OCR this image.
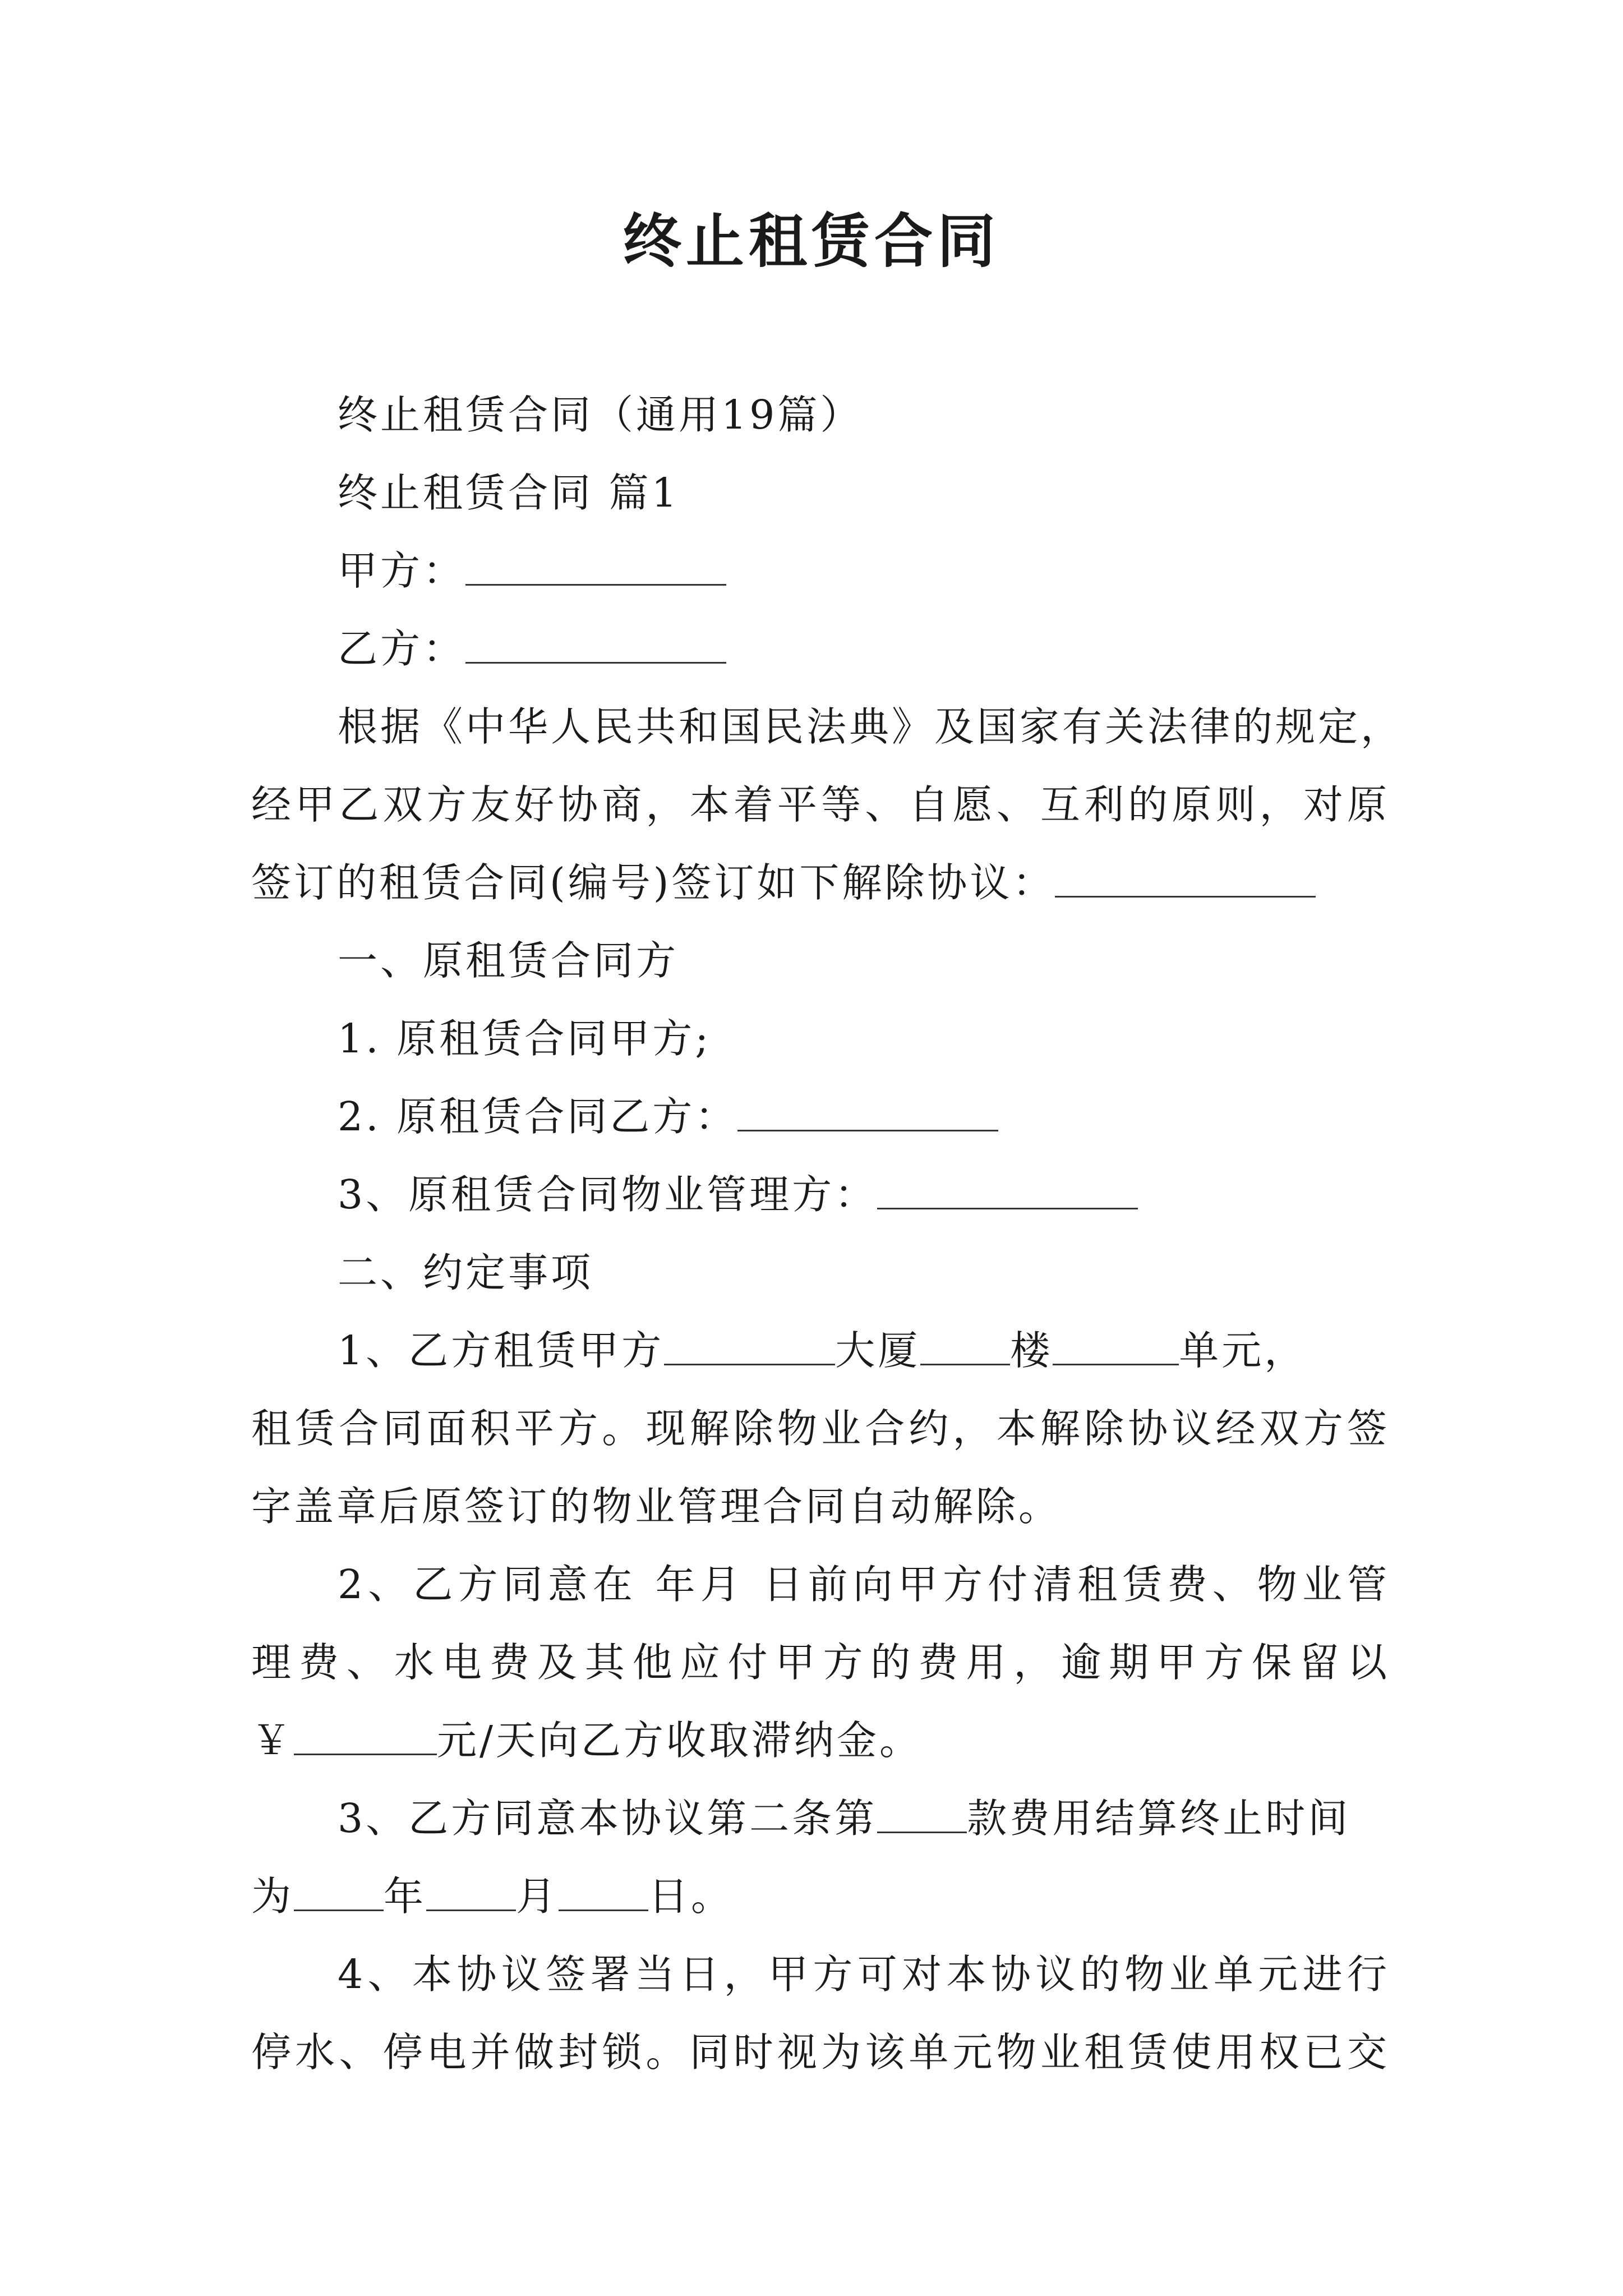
终止租赁合同
终止租赁合同（通用19篇）
终止租赁合同 篇1
甲方：
乙方：
根据《中华人民共和国民法典》及国家有关法律的规定，
经甲乙双方友好协商，本着平等、自愿、互利的原则，对原
签订的租赁合同(编号)签订如下解除协议：
一、原租赁合同方
1. 原租赁合同甲方;
2. 原租赁合同乙方：
3、原租赁合同物业管理方：
二、约定事项
1、乙方租赁甲方	大厦 楼	单元，
租赁合同面积平方。现解除物业合约，本解除协议经双方签
字盖章后原签订的物业管理合同自动解除。
2、乙方同意在 年月 日前向甲方付清租赁费、物业管
理费、水电费及其他应付甲方的费用，逾期甲方保留以
￥	元/天向乙方收取滞纳金。
3、乙方同意本协议第二条第 款费用结算终止时间
为 年 月 日。
4、本协议签署当日，甲方可对本协议的物业单元进行
停水、停电并做封锁。同时视为该单元物业租赁使用权已交
